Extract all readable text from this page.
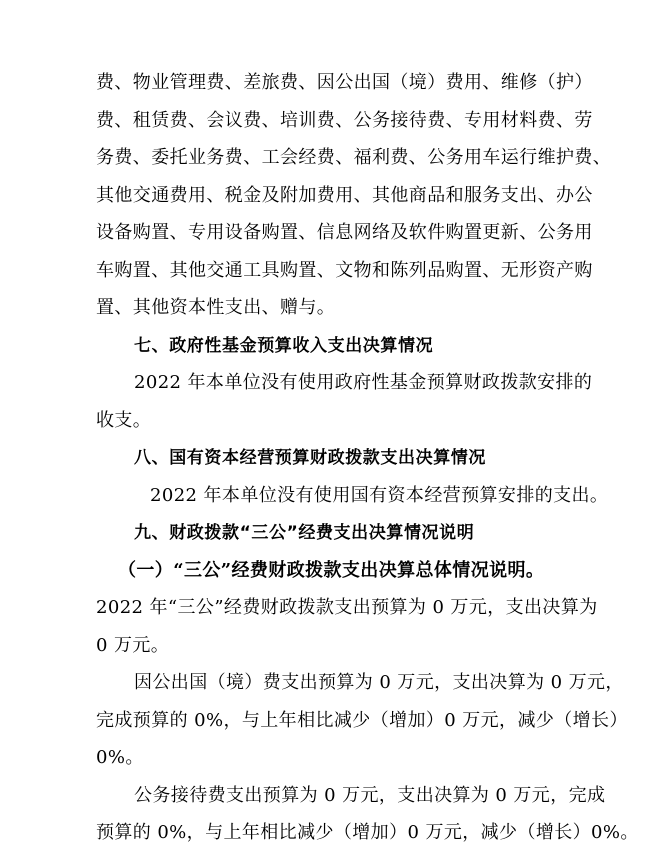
费、物业管理费、差旅费、因公出国（境）费用、维修（护）
费、租赁费、会议费、培训费、公务接待费、专用材料费、劳
务费、委托业务费、工会经费、福利费、公务用车运行维护费、
其他交通费用、税金及附加费用、其他商品和服务支出、办公
设备购置、专用设备购置、信息网络及软件购置更新、公务用
车购置、其他交通工具购置、文物和陈列品购置、无形资产购
置、其他资本性支出、赠与。
七、政府性基金预算收入支出决算情况
2022 年本单位没有使用政府性基金预算财政拨款安排的
收支。
八、国有资本经营预算财政拨款支出决算情况
2022 年本单位没有使用国有资本经营预算安排的支出。
九、财政拨款“三公”经费支出决算情况说明
（一）“三公”经费财政拨款支出决算总体情况说明。
2022 年“三公”经费财政拨款支出预算为 0 万元，支出决算为
0 万元。
因公出国（境）费支出预算为 0 万元，支出决算为 0 万元，
完成预算的 0%，与上年相比减少（增加）0 万元，减少（增长）
0%。
公务接待费支出预算为 0 万元，支出决算为 0 万元，完成
预算的 0%，与上年相比减少（增加）0 万元，减少（增长）0%。
